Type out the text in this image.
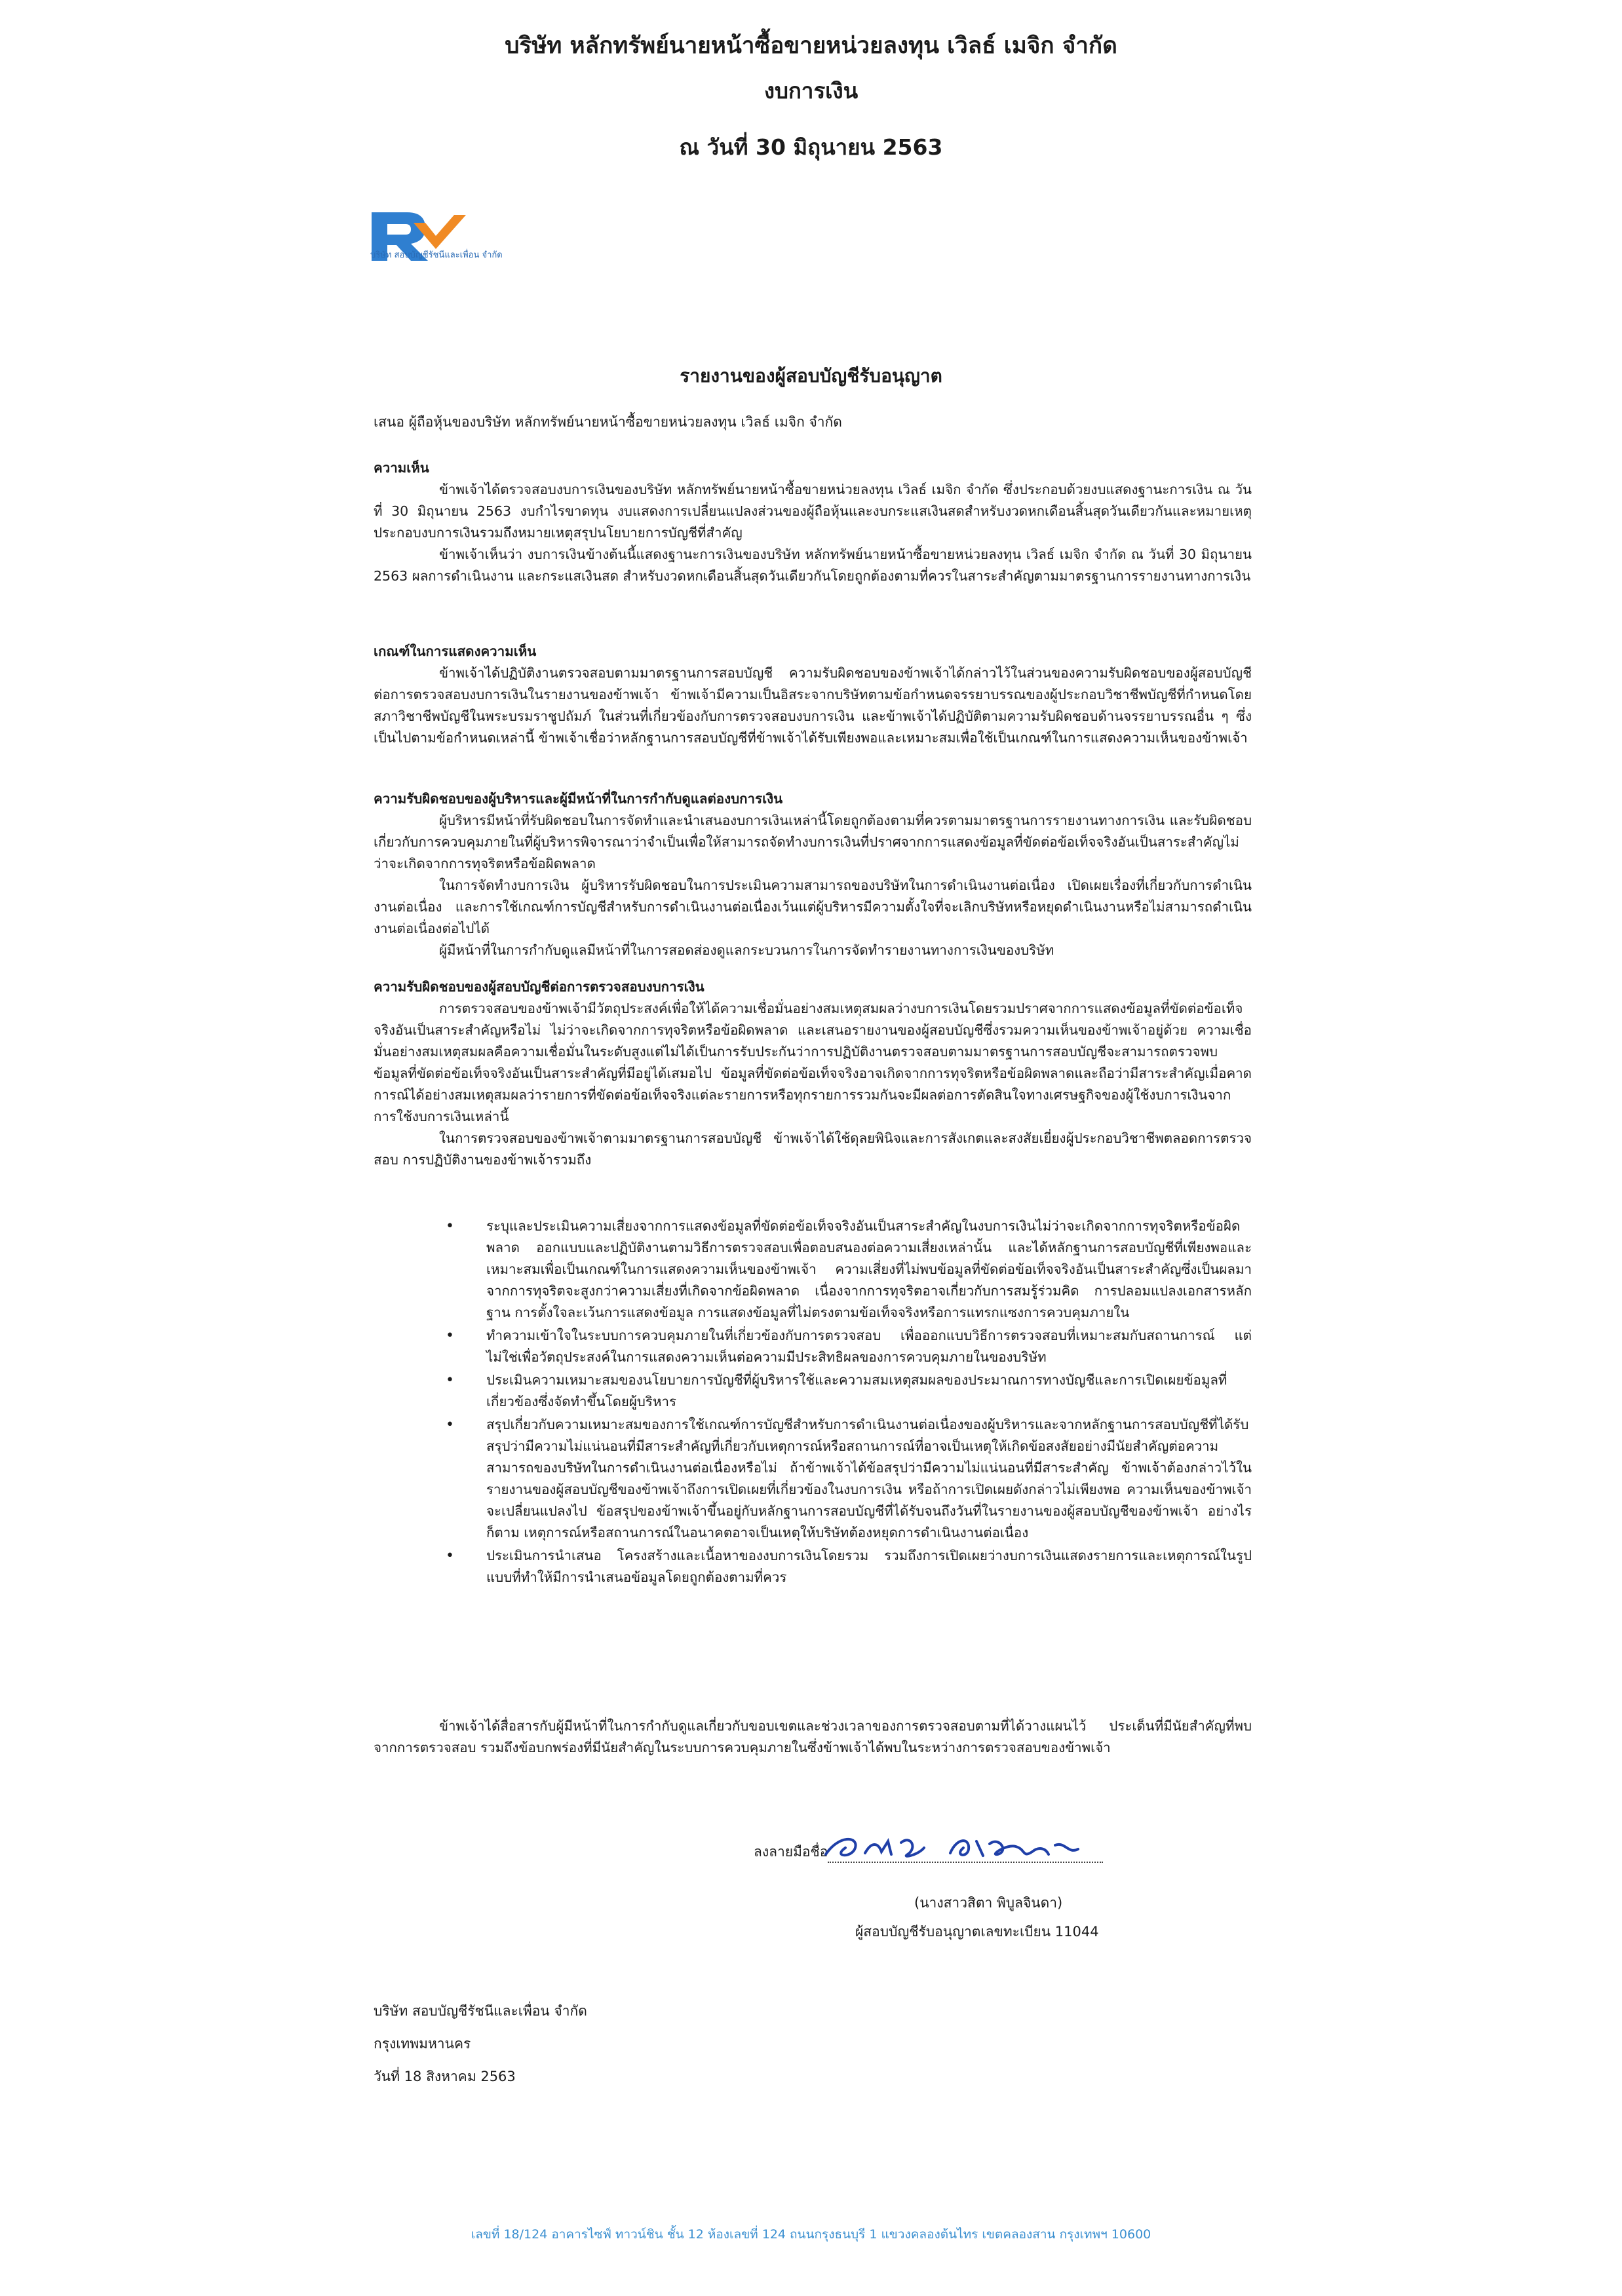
บริษัท หลักทรัพย์นายหน้าซื้อขายหน่วยลงทุน เวิลธ์ เมจิก จำกัด
งบการเงิน
ณ วันที่ 30 มิถุนายน 2563
บริษัท สอบบัญชีรัชนีและเพื่อน จำกัด
รายงานของผู้สอบบัญชีรับอนุญาต
เสนอ ผู้ถือหุ้นของบริษัท หลักทรัพย์นายหน้าซื้อขายหน่วยลงทุน เวิลธ์ เมจิก จำกัด
ความเห็น

ข้าพเจ้าได้ตรวจสอบงบการเงินของบริษัท หลักทรัพย์นายหน้าซื้อขายหน่วยลงทุน เวิลธ์ เมจิก จำกัด ซึ่งประกอบด้วยงบแสดงฐานะการเงิน ณ วันที่ 30 มิถุนายน 2563 งบกำไรขาดทุน งบแสดงการเปลี่ยนแปลงส่วนของผู้ถือหุ้นและงบกระแสเงินสดสำหรับงวดหกเดือนสิ้นสุดวันเดียวกันและหมายเหตุประกอบงบการเงินรวมถึงหมายเหตุสรุปนโยบายการบัญชีที่สำคัญ

ข้าพเจ้าเห็นว่า งบการเงินข้างต้นนี้แสดงฐานะการเงินของบริษัท หลักทรัพย์นายหน้าซื้อขายหน่วยลงทุน เวิลธ์ เมจิก จำกัด ณ วันที่ 30 มิถุนายน 2563 ผลการดำเนินงาน และกระแสเงินสด สำหรับงวดหกเดือนสิ้นสุดวันเดียวกันโดยถูกต้องตามที่ควรในสาระสำคัญตามมาตรฐานการรายงานทางการเงิน

เกณฑ์ในการแสดงความเห็น

ข้าพเจ้าได้ปฏิบัติงานตรวจสอบตามมาตรฐานการสอบบัญชี ความรับผิดชอบของข้าพเจ้าได้กล่าวไว้ในส่วนของความรับผิดชอบของผู้สอบบัญชีต่อการตรวจสอบงบการเงินในรายงานของข้าพเจ้า ข้าพเจ้ามีความเป็นอิสระจากบริษัทตามข้อกำหนดจรรยาบรรณของผู้ประกอบวิชาชีพบัญชีที่กำหนดโดยสภาวิชาชีพบัญชีในพระบรมราชูปถัมภ์ ในส่วนที่เกี่ยวข้องกับการตรวจสอบงบการเงิน และข้าพเจ้าได้ปฏิบัติตามความรับผิดชอบด้านจรรยาบรรณอื่น ๆ ซึ่งเป็นไปตามข้อกำหนดเหล่านี้ ข้าพเจ้าเชื่อว่าหลักฐานการสอบบัญชีที่ข้าพเจ้าได้รับเพียงพอและเหมาะสมเพื่อใช้เป็นเกณฑ์ในการแสดงความเห็นของข้าพเจ้า

ความรับผิดชอบของผู้บริหารและผู้มีหน้าที่ในการกำกับดูแลต่องบการเงิน

ผู้บริหารมีหน้าที่รับผิดชอบในการจัดทำและนำเสนองบการเงินเหล่านี้โดยถูกต้องตามที่ควรตามมาตรฐานการรายงานทางการเงิน และรับผิดชอบเกี่ยวกับการควบคุมภายในที่ผู้บริหารพิจารณาว่าจำเป็นเพื่อให้สามารถจัดทำงบการเงินที่ปราศจากการแสดงข้อมูลที่ขัดต่อข้อเท็จจริงอันเป็นสาระสำคัญไม่ว่าจะเกิดจากการทุจริตหรือข้อผิดพลาด

ในการจัดทำงบการเงิน ผู้บริหารรับผิดชอบในการประเมินความสามารถของบริษัทในการดำเนินงานต่อเนื่อง เปิดเผยเรื่องที่เกี่ยวกับการดำเนินงานต่อเนื่อง และการใช้เกณฑ์การบัญชีสำหรับการดำเนินงานต่อเนื่องเว้นแต่ผู้บริหารมีความตั้งใจที่จะเลิกบริษัทหรือหยุดดำเนินงานหรือไม่สามารถดำเนินงานต่อเนื่องต่อไปได้

ผู้มีหน้าที่ในการกำกับดูแลมีหน้าที่ในการสอดส่องดูแลกระบวนการในการจัดทำรายงานทางการเงินของบริษัท

ความรับผิดชอบของผู้สอบบัญชีต่อการตรวจสอบงบการเงิน

การตรวจสอบของข้าพเจ้ามีวัตถุประสงค์เพื่อให้ได้ความเชื่อมั่นอย่างสมเหตุสมผลว่างบการเงินโดยรวมปราศจากการแสดงข้อมูลที่ขัดต่อข้อเท็จจริงอันเป็นสาระสำคัญหรือไม่ ไม่ว่าจะเกิดจากการทุจริตหรือข้อผิดพลาด และเสนอรายงานของผู้สอบบัญชีซึ่งรวมความเห็นของข้าพเจ้าอยู่ด้วย ความเชื่อมั่นอย่างสมเหตุสมผลคือความเชื่อมั่นในระดับสูงแต่ไม่ได้เป็นการรับประกันว่าการปฏิบัติงานตรวจสอบตามมาตรฐานการสอบบัญชีจะสามารถตรวจพบข้อมูลที่ขัดต่อข้อเท็จจริงอันเป็นสาระสำคัญที่มีอยู่ได้เสมอไป ข้อมูลที่ขัดต่อข้อเท็จจริงอาจเกิดจากการทุจริตหรือข้อผิดพลาดและถือว่ามีสาระสำคัญเมื่อคาดการณ์ได้อย่างสมเหตุสมผลว่ารายการที่ขัดต่อข้อเท็จจริงแต่ละรายการหรือทุกรายการรวมกันจะมีผลต่อการตัดสินใจทางเศรษฐกิจของผู้ใช้งบการเงินจากการใช้งบการเงินเหล่านี้

ในการตรวจสอบของข้าพเจ้าตามมาตรฐานการสอบบัญชี ข้าพเจ้าได้ใช้ดุลยพินิจและการสังเกตและสงสัยเยี่ยงผู้ประกอบวิชาชีพตลอดการตรวจสอบ การปฏิบัติงานของข้าพเจ้ารวมถึง

• ระบุและประเมินความเสี่ยงจากการแสดงข้อมูลที่ขัดต่อข้อเท็จจริงอันเป็นสาระสำคัญในงบการเงินไม่ว่าจะเกิดจากการทุจริตหรือข้อผิดพลาด ออกแบบและปฏิบัติงานตามวิธีการตรวจสอบเพื่อตอบสนองต่อความเสี่ยงเหล่านั้น และได้หลักฐานการสอบบัญชีที่เพียงพอและเหมาะสมเพื่อเป็นเกณฑ์ในการแสดงความเห็นของข้าพเจ้า ความเสี่ยงที่ไม่พบข้อมูลที่ขัดต่อข้อเท็จจริงอันเป็นสาระสำคัญซึ่งเป็นผลมาจากการทุจริตจะสูงกว่าความเสี่ยงที่เกิดจากข้อผิดพลาด เนื่องจากการทุจริตอาจเกี่ยวกับการสมรู้ร่วมคิด การปลอมแปลงเอกสารหลักฐาน การตั้งใจละเว้นการแสดงข้อมูล การแสดงข้อมูลที่ไม่ตรงตามข้อเท็จจริงหรือการแทรกแซงการควบคุมภายใน
• ทำความเข้าใจในระบบการควบคุมภายในที่เกี่ยวข้องกับการตรวจสอบ เพื่อออกแบบวิธีการตรวจสอบที่เหมาะสมกับสถานการณ์ แต่ไม่ใช่เพื่อวัตถุประสงค์ในการแสดงความเห็นต่อความมีประสิทธิผลของการควบคุมภายในของบริษัท
• ประเมินความเหมาะสมของนโยบายการบัญชีที่ผู้บริหารใช้และความสมเหตุสมผลของประมาณการทางบัญชีและการเปิดเผยข้อมูลที่เกี่ยวข้องซึ่งจัดทำขึ้นโดยผู้บริหาร
• สรุปเกี่ยวกับความเหมาะสมของการใช้เกณฑ์การบัญชีสำหรับการดำเนินงานต่อเนื่องของผู้บริหารและจากหลักฐานการสอบบัญชีที่ได้รับ สรุปว่ามีความไม่แน่นอนที่มีสาระสำคัญที่เกี่ยวกับเหตุการณ์หรือสถานการณ์ที่อาจเป็นเหตุให้เกิดข้อสงสัยอย่างมีนัยสำคัญต่อความสามารถของบริษัทในการดำเนินงานต่อเนื่องหรือไม่ ถ้าข้าพเจ้าได้ข้อสรุปว่ามีความไม่แน่นอนที่มีสาระสำคัญ ข้าพเจ้าต้องกล่าวไว้ในรายงานของผู้สอบบัญชีของข้าพเจ้าถึงการเปิดเผยที่เกี่ยวข้องในงบการเงิน หรือถ้าการเปิดเผยดังกล่าวไม่เพียงพอ ความเห็นของข้าพเจ้าจะเปลี่ยนแปลงไป ข้อสรุปของข้าพเจ้าขึ้นอยู่กับหลักฐานการสอบบัญชีที่ได้รับจนถึงวันที่ในรายงานของผู้สอบบัญชีของข้าพเจ้า อย่างไรก็ตาม เหตุการณ์หรือสถานการณ์ในอนาคตอาจเป็นเหตุให้บริษัทต้องหยุดการดำเนินงานต่อเนื่อง
• ประเมินการนำเสนอ โครงสร้างและเนื้อหาของงบการเงินโดยรวม รวมถึงการเปิดเผยว่างบการเงินแสดงรายการและเหตุการณ์ในรูปแบบที่ทำให้มีการนำเสนอข้อมูลโดยถูกต้องตามที่ควร

ข้าพเจ้าได้สื่อสารกับผู้มีหน้าที่ในการกำกับดูแลเกี่ยวกับขอบเขตและช่วงเวลาของการตรวจสอบตามที่ได้วางแผนไว้ ประเด็นที่มีนัยสำคัญที่พบจากการตรวจสอบ รวมถึงข้อบกพร่องที่มีนัยสำคัญในระบบการควบคุมภายในซึ่งข้าพเจ้าได้พบในระหว่างการตรวจสอบของข้าพเจ้า

ลงลายมือชื่อ
(นางสาวสิตา พิบูลจินดา)
ผู้สอบบัญชีรับอนุญาตเลขทะเบียน 11044
บริษัท สอบบัญชีรัชนีและเพื่อน จำกัด
กรุงเทพมหานคร
วันที่ 18 สิงหาคม 2563
เลขที่ 18/124 อาคารไซฟ์ ทาวน์ชิน ชั้น 12 ห้องเลขที่ 124 ถนนกรุงธนบุรี 1 แขวงคลองต้นไทร เขตคลองสาน กรุงเทพฯ 10600
